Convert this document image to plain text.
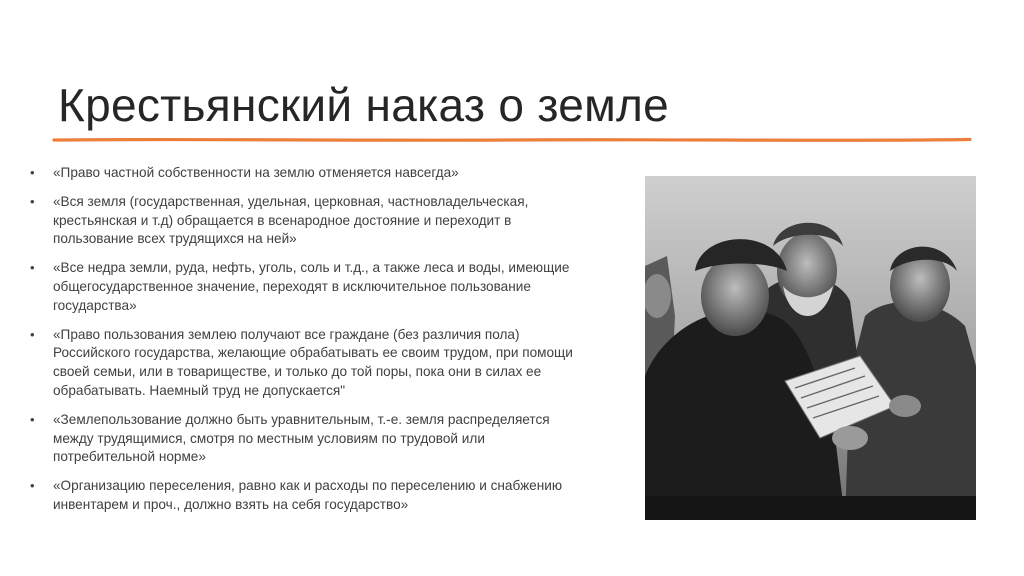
Крестьянский наказ о земле
• «Право частной собственности на землю отменяется навсегда»
• «Вся земля (государственная, удельная, церковная, частновладельческая, крестьянская и т.д) обращается в всенародное достояние и переходит в пользование всех трудящихся на ней»
• «Все недра земли, руда, нефть, уголь, соль и т.д., а также леса и воды, имеющие общегосударственное значение, переходят в исключительное пользование государства»
• «Право пользования землею получают все граждане (без различия пола) Российского государства, желающие обрабатывать ее своим трудом, при помощи своей семьи, или в товариществе, и только до той поры, пока они в силах ее обрабатывать. Наемный труд не допускается"
• «Землепользование должно быть уравнительным, т.-е. земля распределяется между трудящимися, смотря по местным условиям по трудовой или потребительной норме»
• «Организацию переселения, равно как и расходы по переселению и снабжению инвентарем и проч., должно взять на себя государство»
